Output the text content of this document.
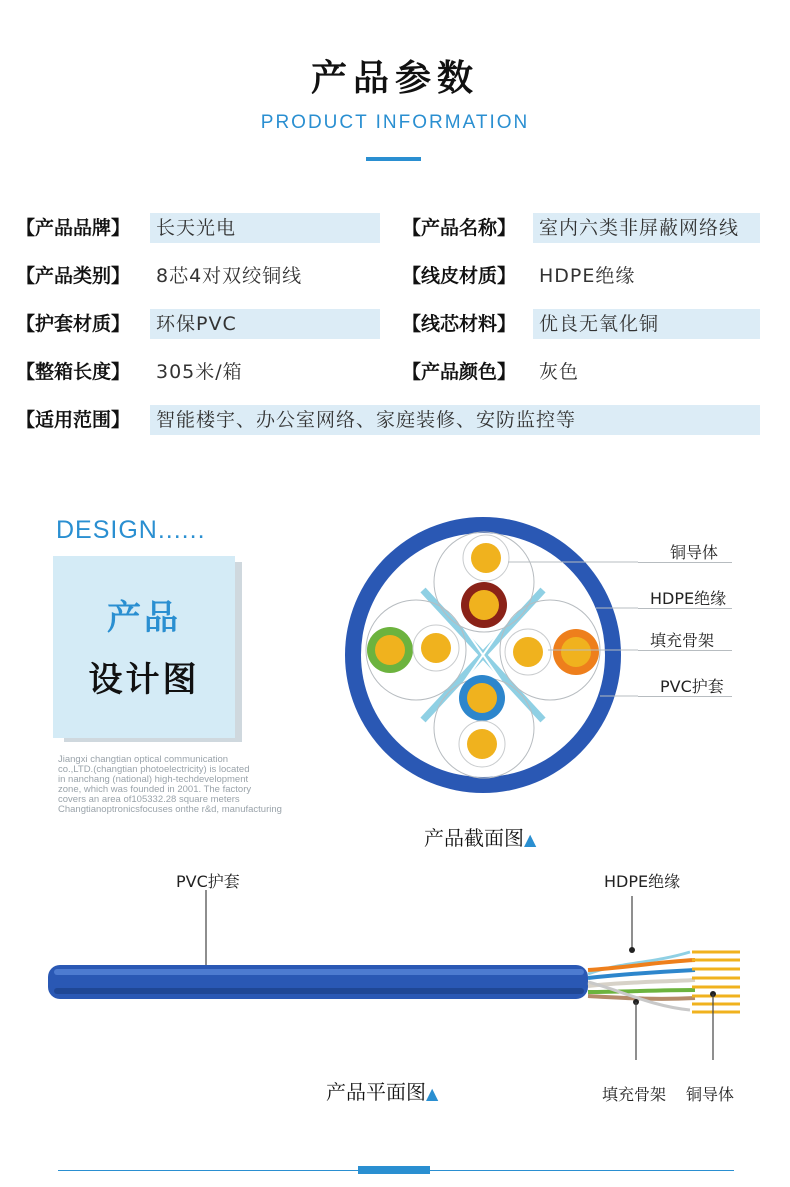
产品参数
PRODUCT INFORMATION
【产品品牌】	长天光电	【产品名称】	室内六类非屏蔽网络线
【产品类别】	8芯4对双绞铜线	【线皮材质】	HDPE绝缘
【护套材质】	环保PVC	【线芯材料】	优良无氧化铜
【整箱长度】	305米/箱	【产品颜色】	灰色
【适用范围】	智能楼宇、办公室网络、家庭装修、安防监控等
DESIGN......
产品
设计图
Jiangxi changtian optical communication
co.,LTD.(changtian photoelectricity) is located
in nanchang (national) high-techdevelopment
zone, which was founded in 2001. The factory
covers an area of105332.28 square meters
Changtianoptronicsfocuses onthe r&d, manufacturing
铜导体
HDPE绝缘
填充骨架
PVC护套
产品截面图▲
PVC护套	HDPE绝缘
填充骨架 铜导体
产品平面图▲
